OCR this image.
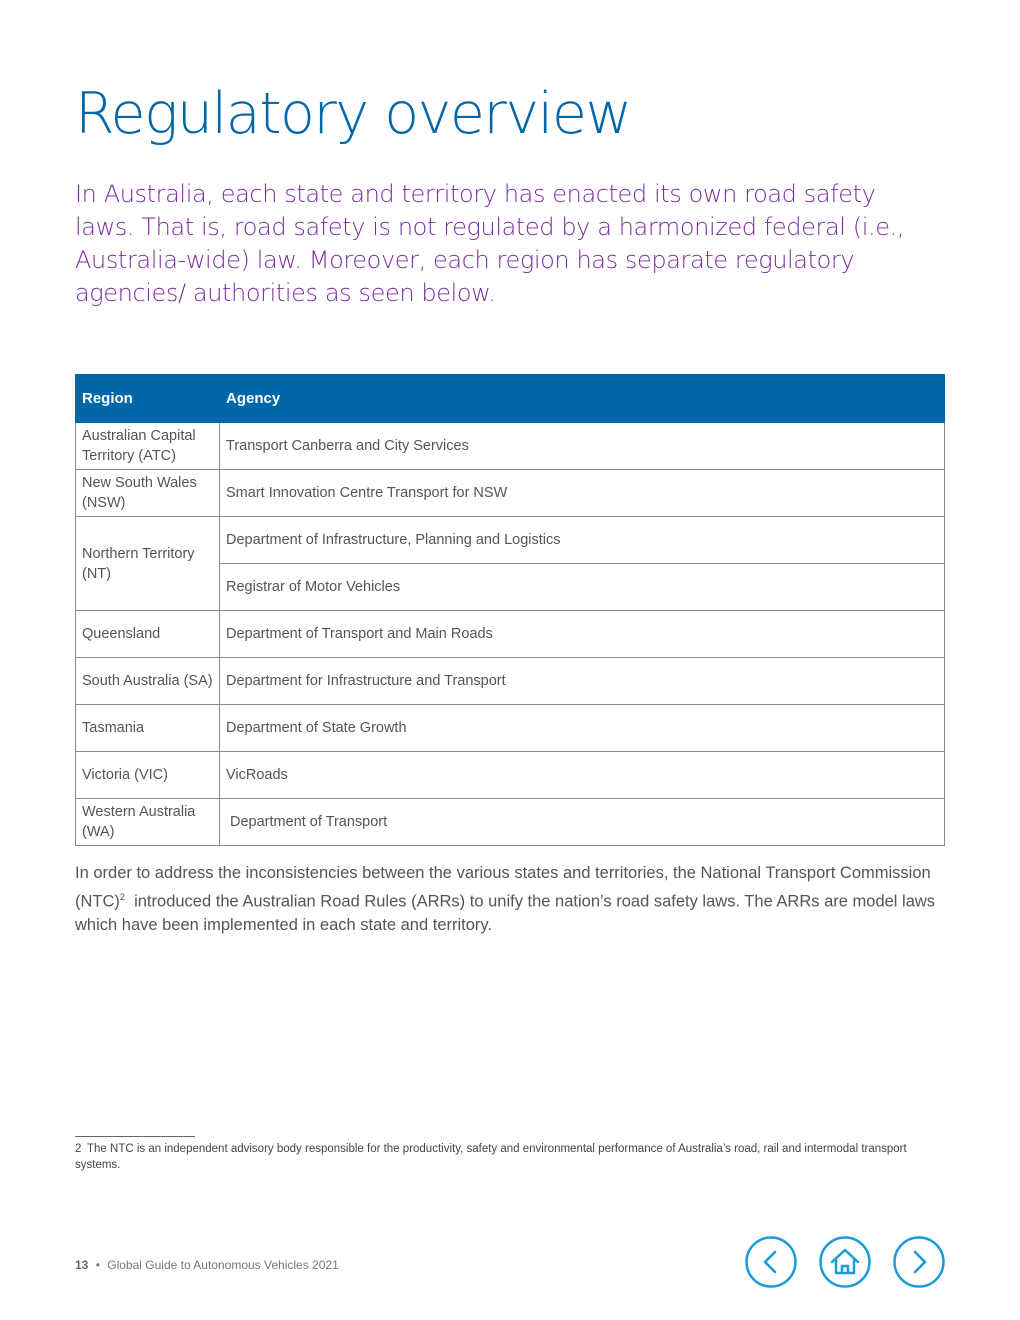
Regulatory overview

In Australia, each state and territory has enacted its own road safety laws. That is, road safety is not regulated by a harmonized federal (i.e., Australia-wide) law. Moreover, each region has separate regulatory agencies/ authorities as seen below.

Region	Agency
Australian Capital Territory (ATC)	Transport Canberra and City Services
New South Wales (NSW)	Smart Innovation Centre Transport for NSW
Northern Territory (NT)	Department of Infrastructure, Planning and Logistics
	Registrar of Motor Vehicles
Queensland	Department of Transport and Main Roads
South Australia (SA)	Department for Infrastructure and Transport
Tasmania	Department of State Growth
Victoria (VIC)	VicRoads
Western Australia (WA)	Department of Transport

In order to address the inconsistencies between the various states and territories, the National Transport Commission (NTC)$^2$ introduced the Australian Road Rules (ARRs) to unify the nation’s road safety laws. The ARRs are model laws which have been implemented in each state and territory.

2 The NTC is an independent advisory body responsible for the productivity, safety and environmental performance of Australia’s road, rail and intermodal transport systems.

13 • Global Guide to Autonomous Vehicles 2021
